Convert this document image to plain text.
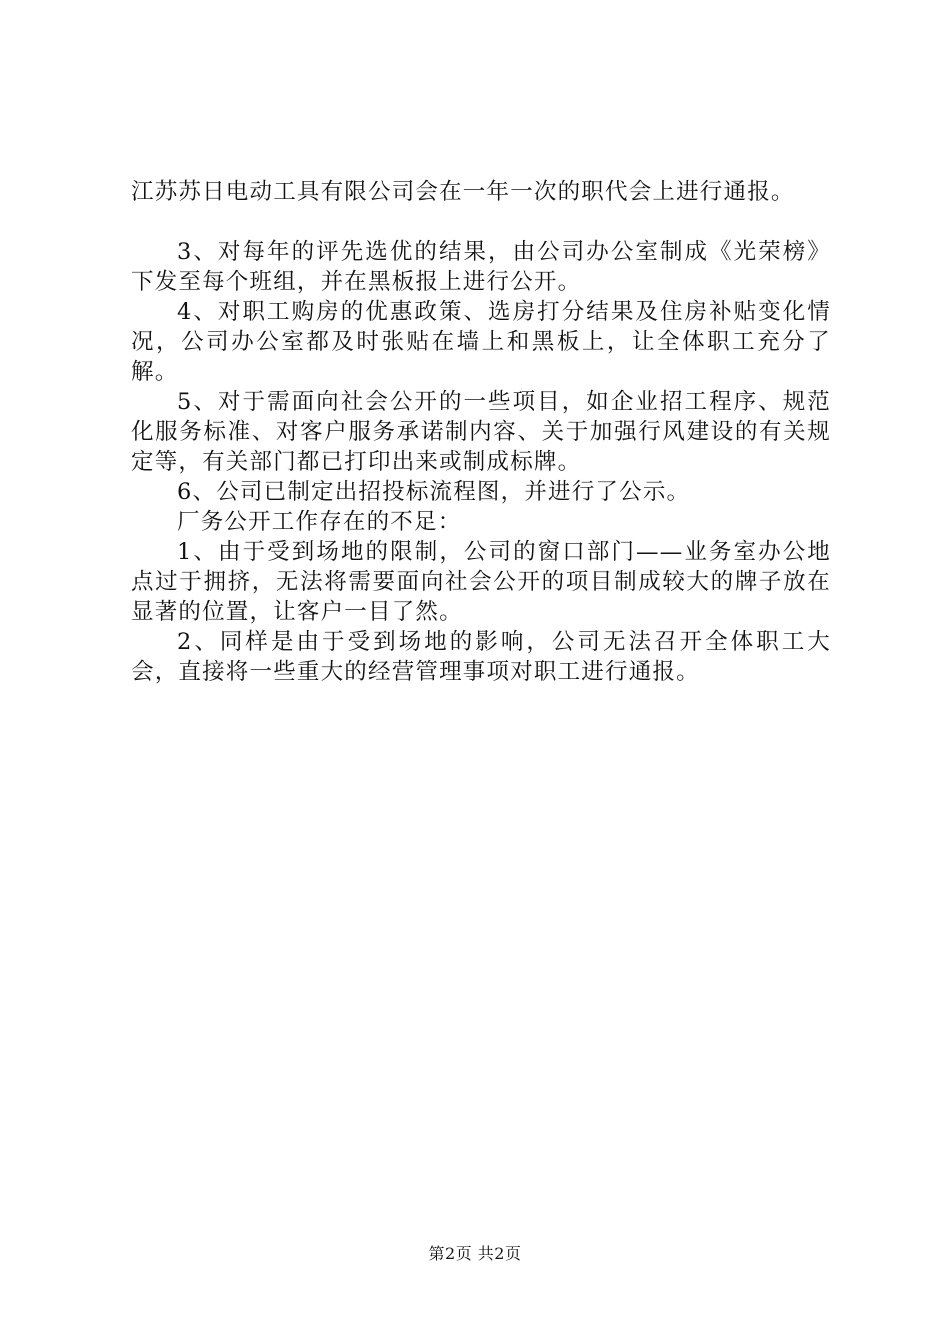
江苏苏日电动工具有限公司会在一年一次的职代会上进行通报。

3、对每年的评先选优的结果，由公司办公室制成《光荣榜》下发至每个班组，并在黑板报上进行公开。

4、对职工购房的优惠政策、选房打分结果及住房补贴变化情况，公司办公室都及时张贴在墙上和黑板上，让全体职工充分了解。

5、对于需面向社会公开的一些项目，如企业招工程序、规范化服务标准、对客户服务承诺制内容、关于加强行风建设的有关规定等，有关部门都已打印出来或制成标牌。

6、公司已制定出招投标流程图，并进行了公示。

厂务公开工作存在的不足：

1、由于受到场地的限制，公司的窗口部门——业务室办公地点过于拥挤，无法将需要面向社会公开的项目制成较大的牌子放在显著的位置，让客户一目了然。

2、同样是由于受到场地的影响，公司无法召开全体职工大会，直接将一些重大的经营管理事项对职工进行通报。

第2页 共2页
